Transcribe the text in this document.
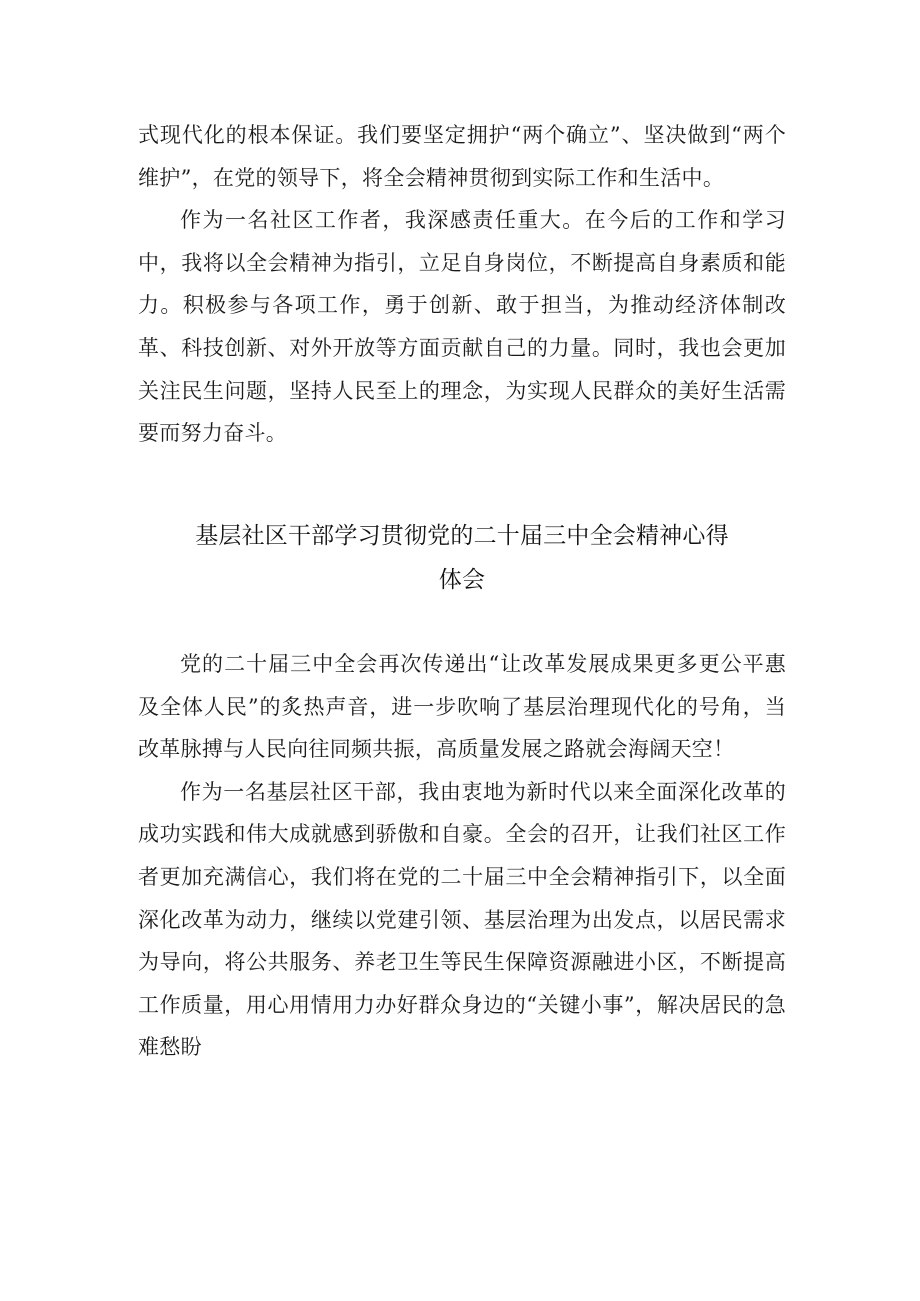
式现代化的根本保证。我们要坚定拥护“两个确立”、坚决做到“两个维护”，在党的领导下，将全会精神贯彻到实际工作和生活中。

作为一名社区工作者，我深感责任重大。在今后的工作和学习中，我将以全会精神为指引，立足自身岗位，不断提高自身素质和能力。积极参与各项工作，勇于创新、敢于担当，为推动经济体制改革、科技创新、对外开放等方面贡献自己的力量。同时，我也会更加关注民生问题，坚持人民至上的理念，为实现人民群众的美好生活需要而努力奋斗。

基层社区干部学习贯彻党的二十届三中全会精神心得
体会

党的二十届三中全会再次传递出“让改革发展成果更多更公平惠及全体人民”的炙热声音，进一步吹响了基层治理现代化的号角，当改革脉搏与人民向往同频共振，高质量发展之路就会海阔天空！

作为一名基层社区干部，我由衷地为新时代以来全面深化改革的成功实践和伟大成就感到骄傲和自豪。全会的召开，让我们社区工作者更加充满信心，我们将在党的二十届三中全会精神指引下，以全面深化改革为动力，继续以党建引领、基层治理为出发点，以居民需求为导向，将公共服务、养老卫生等民生保障资源融进小区，不断提高工作质量，用心用情用力办好群众身边的“关键小事”，解决居民的急难愁盼
